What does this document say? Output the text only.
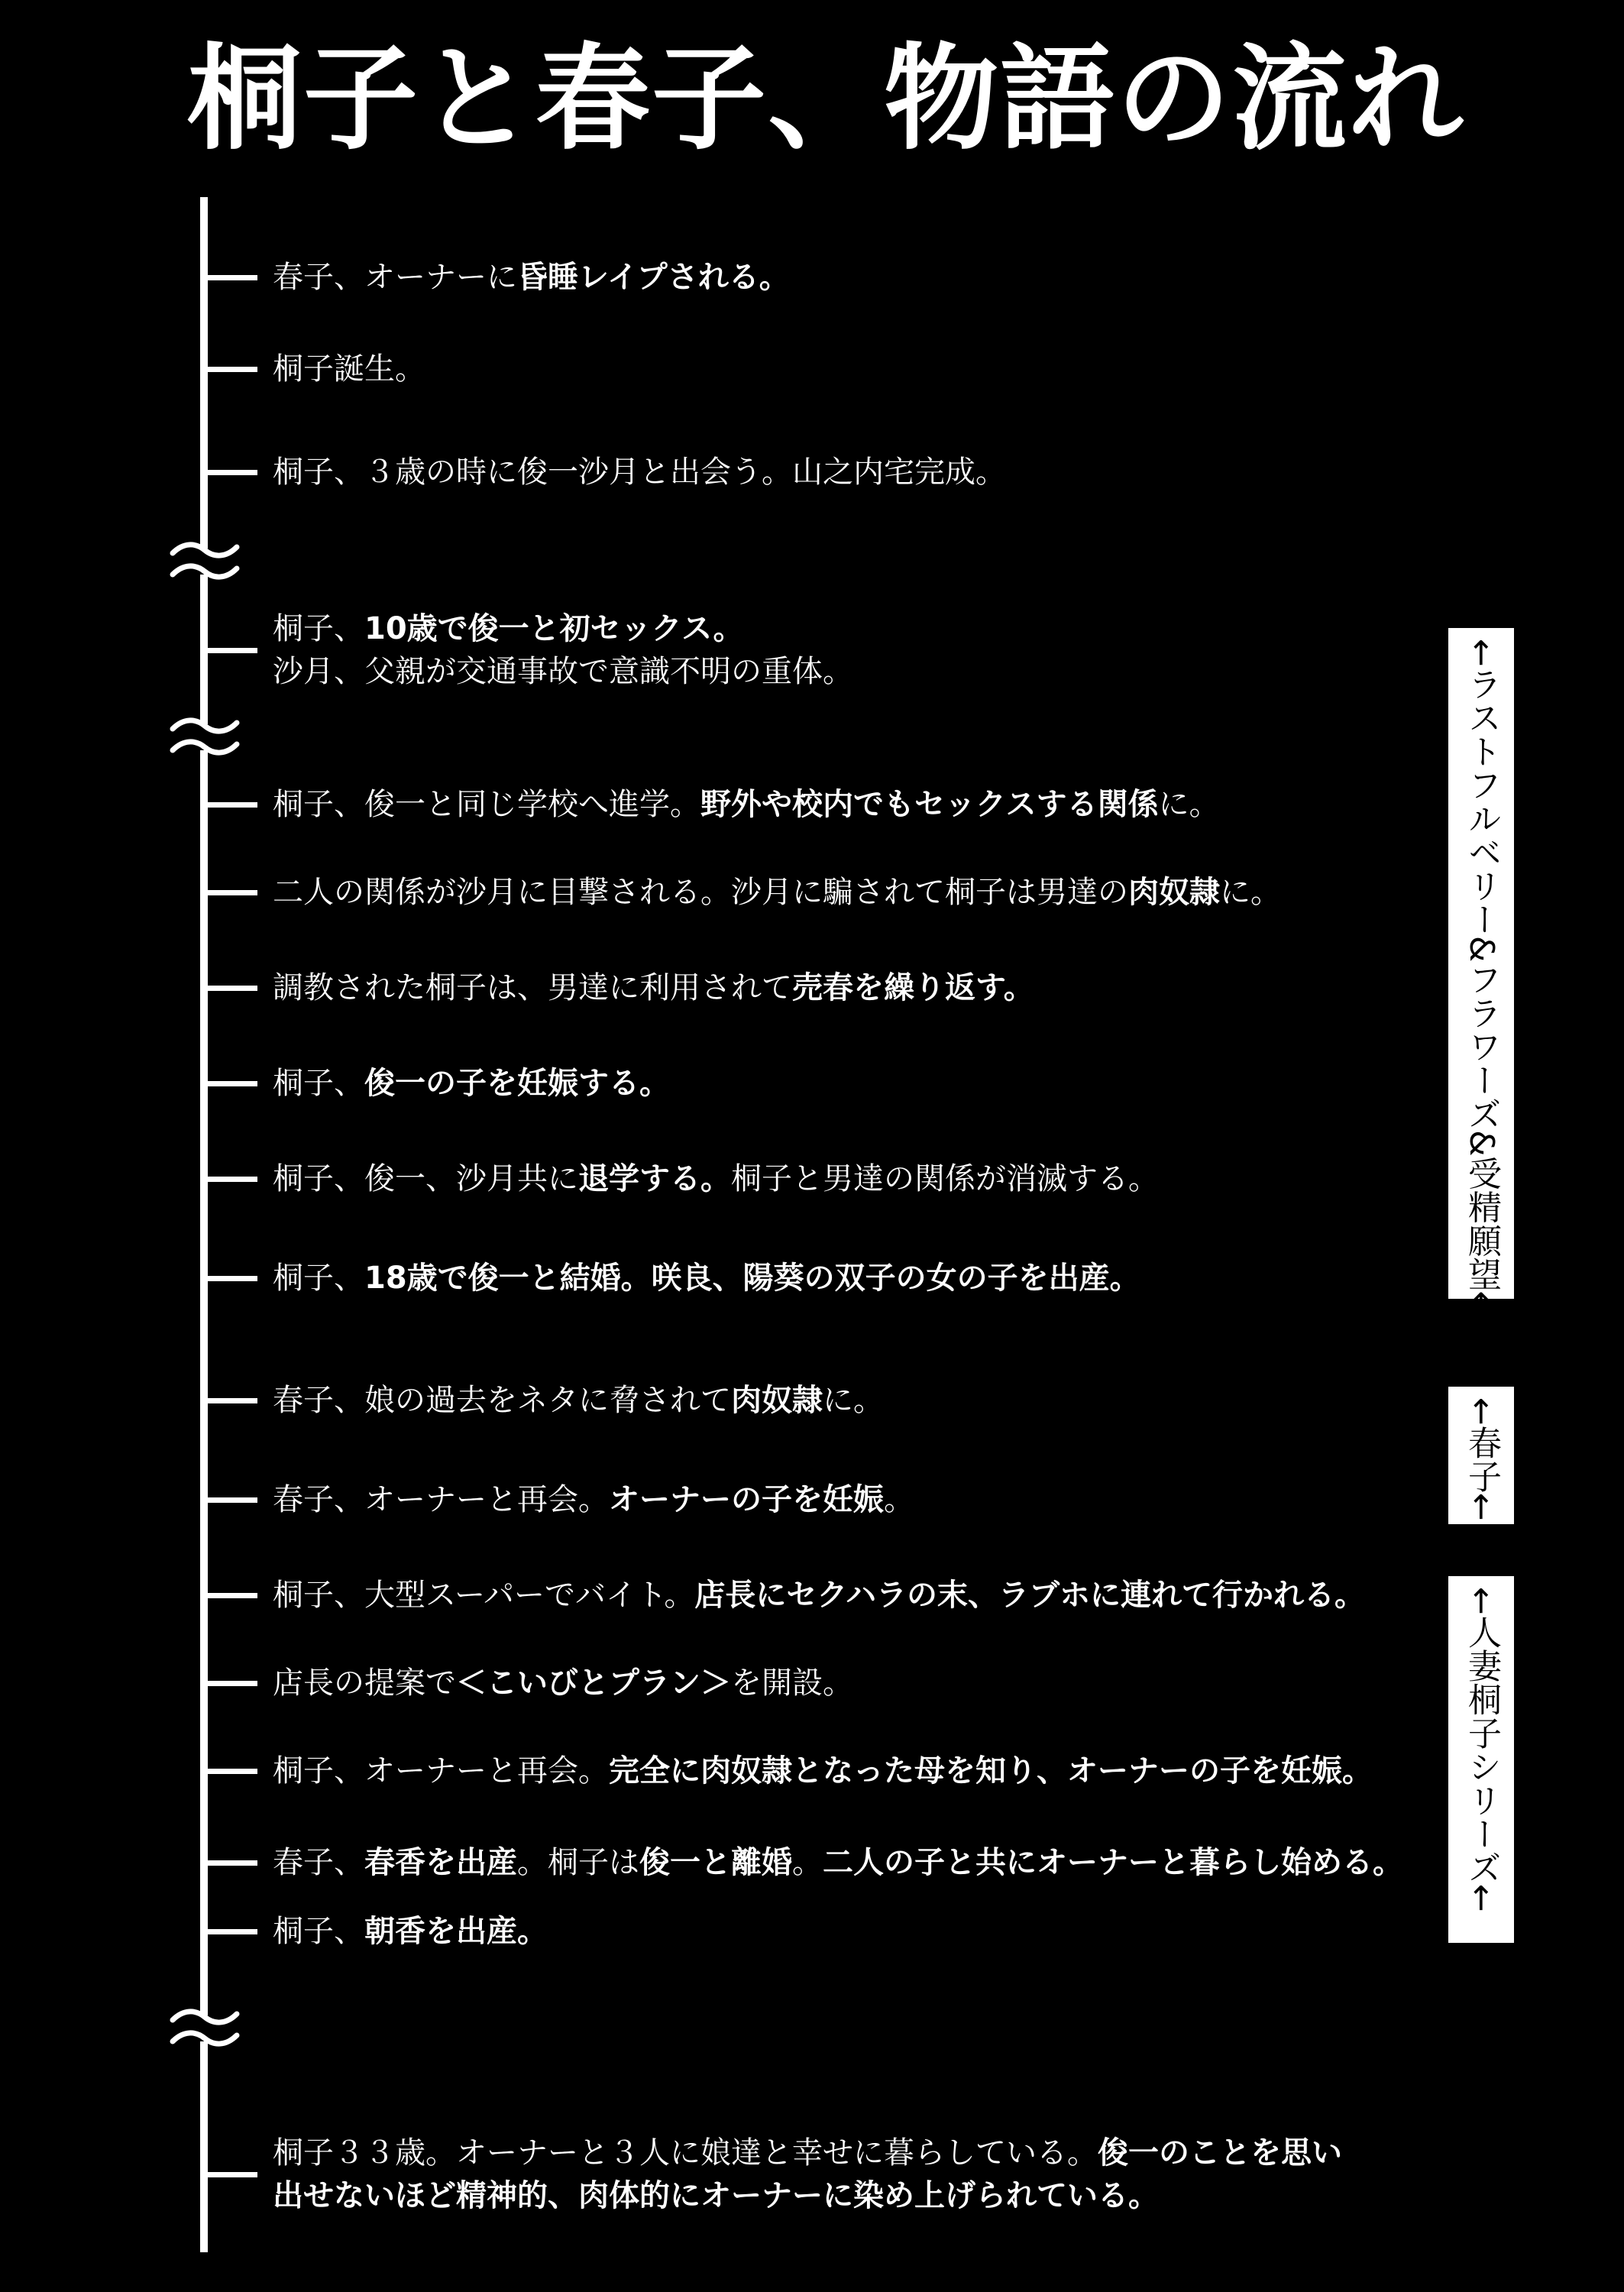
桐子と春子、物語の流れ
春子、オーナーに昏睡レイプされる。
桐子誕生。
桐子、３歳の時に俊一沙月と出会う。山之内宅完成。
桐子、10歳で俊一と初セックス。
沙月、父親が交通事故で意識不明の重体。
桐子、俊一と同じ学校へ進学。野外や校内でもセックスする関係に。
二人の関係が沙月に目撃される。沙月に騙されて桐子は男達の肉奴隷に。
調教された桐子は、男達に利用されて売春を繰り返す。
桐子、俊一の子を妊娠する。
桐子、俊一、沙月共に退学する。桐子と男達の関係が消滅する。
桐子、18歳で俊一と結婚。咲良、陽葵の双子の女の子を出産。
春子、娘の過去をネタに脅されて肉奴隷に。
春子、オーナーと再会。オーナーの子を妊娠。
桐子、大型スーパーでバイト。店長にセクハラの末、ラブホに連れて行かれる。
店長の提案で＜こいびとプラン＞を開設。
桐子、オーナーと再会。完全に肉奴隷となった母を知り、オーナーの子を妊娠。
春子、春香を出産。桐子は俊一と離婚。二人の子と共にオーナーと暮らし始める。
桐子、朝香を出産。
桐子３３歳。オーナーと３人に娘達と幸せに暮らしている。俊一のことを思い
出せないほど精神的、肉体的にオーナーに染め上げられている。
←ラストフルベリー&フラワーズ&受精願望←
←春子←
←人妻桐子シリーズ←
